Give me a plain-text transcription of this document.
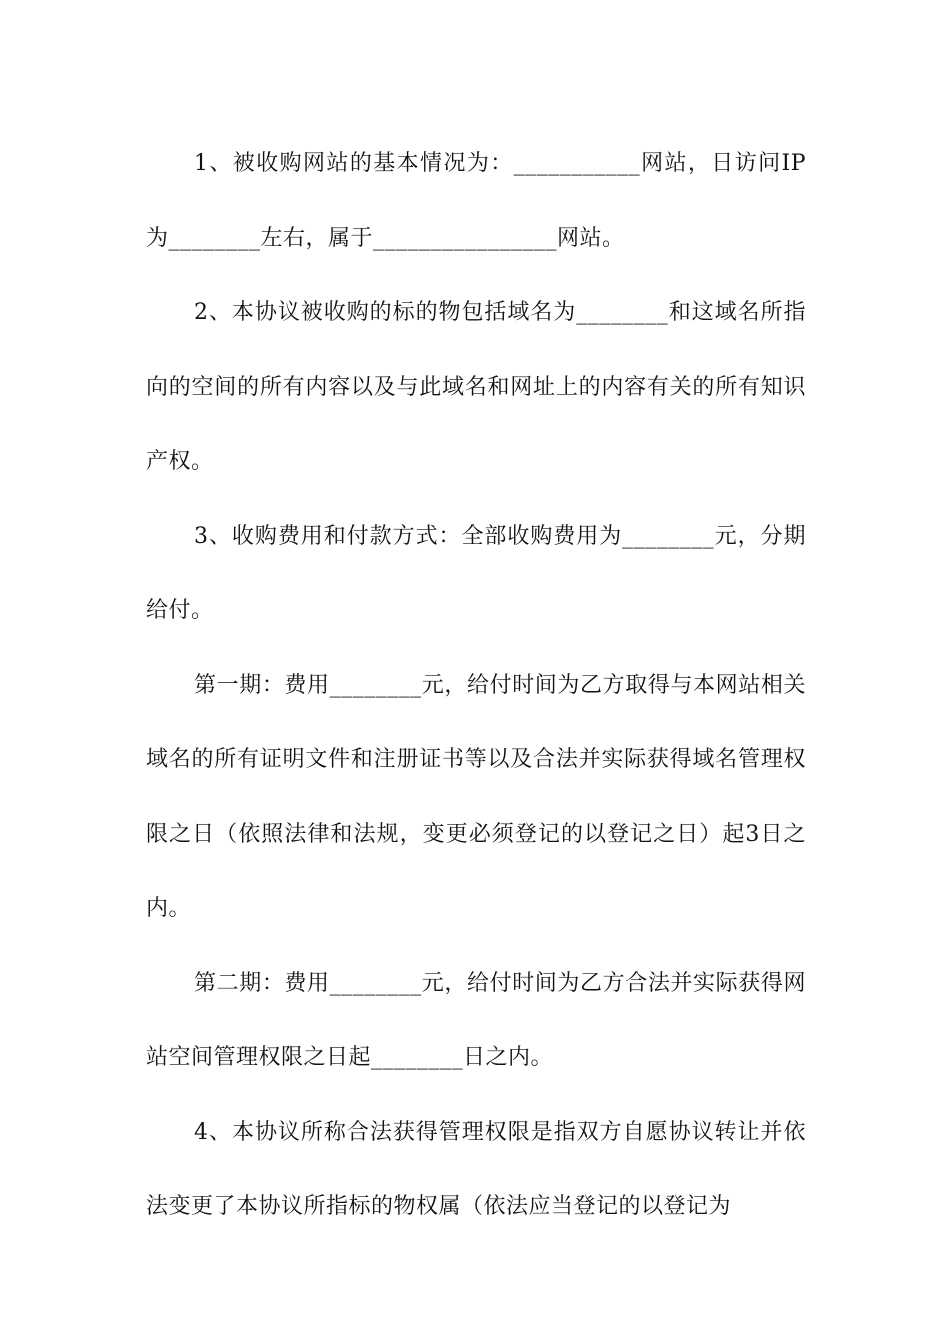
1、被收购网站的基本情况为：___________网站，日访问IP为________左右，属于________________网站。

2、本协议被收购的标的物包括域名为________和这域名所指向的空间的所有内容以及与此域名和网址上的内容有关的所有知识产权。

3、收购费用和付款方式：全部收购费用为________元，分期给付。

第一期：费用________元，给付时间为乙方取得与本网站相关域名的所有证明文件和注册证书等以及合法并实际获得域名管理权限之日（依照法律和法规，变更必须登记的以登记之日）起3日之内。

第二期：费用________元，给付时间为乙方合法并实际获得网站空间管理权限之日起________日之内。

4、本协议所称合法获得管理权限是指双方自愿协议转让并依法变更了本协议所指标的物权属（依法应当登记的以登记为
